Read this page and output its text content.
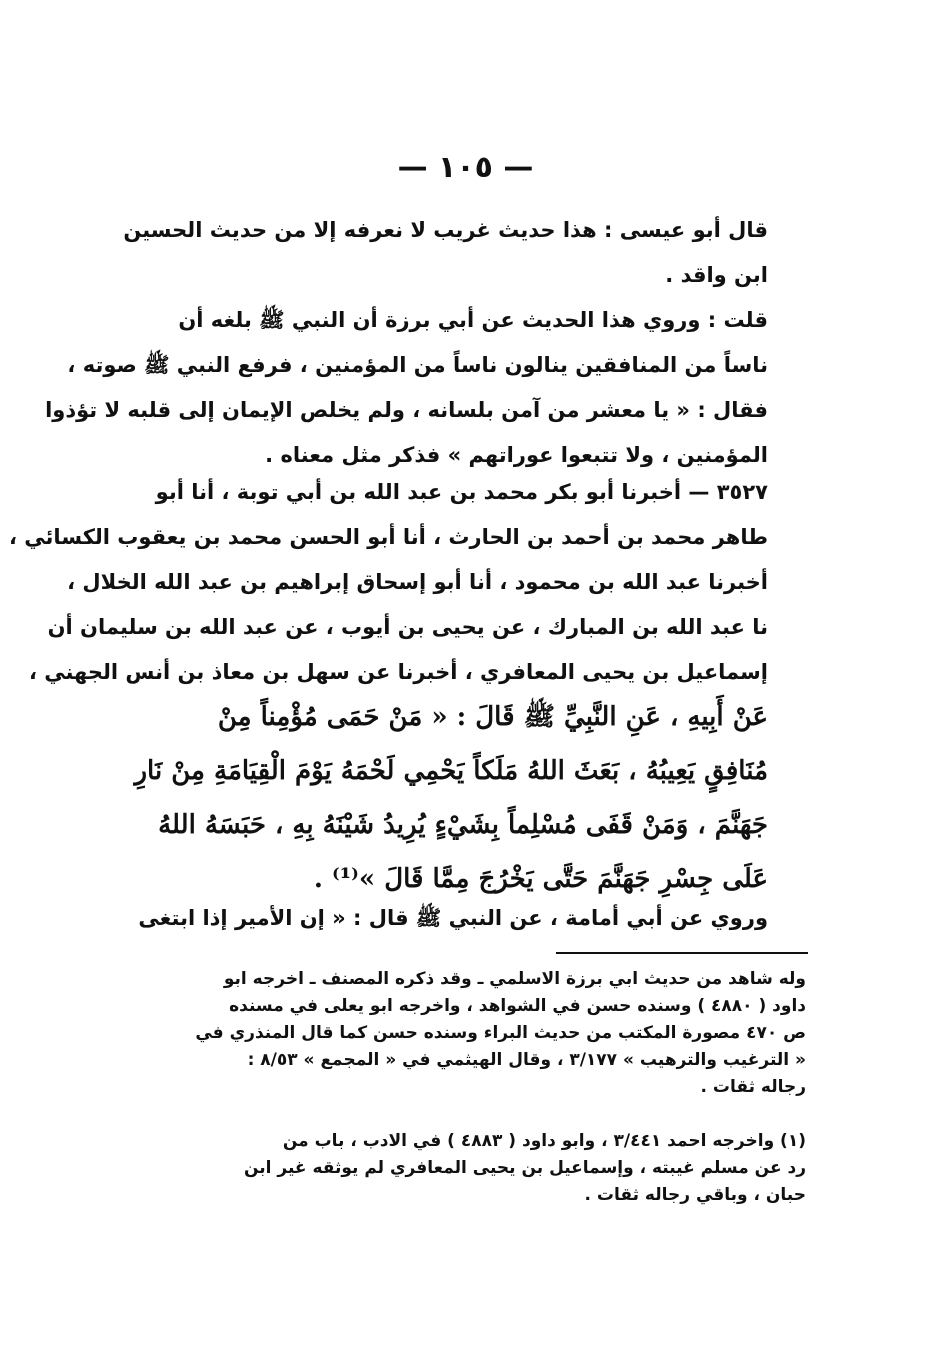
— ١٠٥ —

قال أبو عيسى : هذا حديث غريب لا نعرفه إلا من حديث الحسين
ابن واقد .

قلت : وروي هذا الحديث عن أبي برزة أن النبي ﷺ بلغه أن
ناساً من المنافقين ينالون ناساً من المؤمنين ، فرفع النبي ﷺ صوته ،
فقال : « يا معشر من آمن بلسانه ، ولم يخلص الإيمان إلى قلبه لا تؤذوا
المؤمنين ، ولا تتبعوا عوراتهم » فذكر مثل معناه .

٣٥٢٧ — أخبرنا أبو بكر محمد بن عبد الله بن أبي توبة ، أنا أبو
طاهر محمد بن أحمد بن الحارث ، أنا أبو الحسن محمد بن يعقوب الكسائي ،
أخبرنا عبد الله بن محمود ، أنا أبو إسحاق إبراهيم بن عبد الله الخلال ،
نا عبد الله بن المبارك ، عن يحيى بن أيوب ، عن عبد الله بن سليمان أن
إسماعيل بن يحيى المعافري ، أخبرنا عن سهل بن معاذ بن أنس الجهني ،

عَنْ أَبِيهِ ، عَنِ النَّبِيِّ ﷺ قَالَ : « مَنْ حَمَى مُؤْمِناً مِنْ
مُنَافِقٍ يَعِيبُهُ ، بَعَثَ اللهُ مَلَكاً يَحْمِي لَحْمَهُ يَوْمَ الْقِيَامَةِ مِنْ نَارِ
جَهَنَّمَ ، وَمَنْ قَفَى مُسْلِماً بِشَيْءٍ يُرِيدُ شَيْنَهُ بِهِ ، حَبَسَهُ اللهُ
عَلَى جِسْرِ جَهَنَّمَ حَتَّى يَخْرُجَ مِمَّا قَالَ »⁽¹⁾ .

وروي عن أبي أمامة ، عن النبي ﷺ قال : « إن الأمير إذا ابتغى

وله شاهد من حديث ابي برزة الاسلمي ـ وقد ذكره المصنف ـ اخرجه ابو
داود ( ٤٨٨٠ ) وسنده حسن في الشواهد ، واخرجه ابو يعلى في مسنده
ص ٤٧٠ مصورة المكتب من حديث البراء وسنده حسن كما قال المنذري في
« الترغيب والترهيب » ٣/١٧٧ ، وقال الهيثمي في « المجمع » ٨/٥٣ :
رجاله ثقات .

(١) واخرجه احمد ٣/٤٤١ ، وابو داود ( ٤٨٨٣ ) في الادب ، باب من
رد عن مسلم غيبته ، وإسماعيل بن يحيى المعافري لم يوثقه غير ابن
حبان ، وباقي رجاله ثقات .
